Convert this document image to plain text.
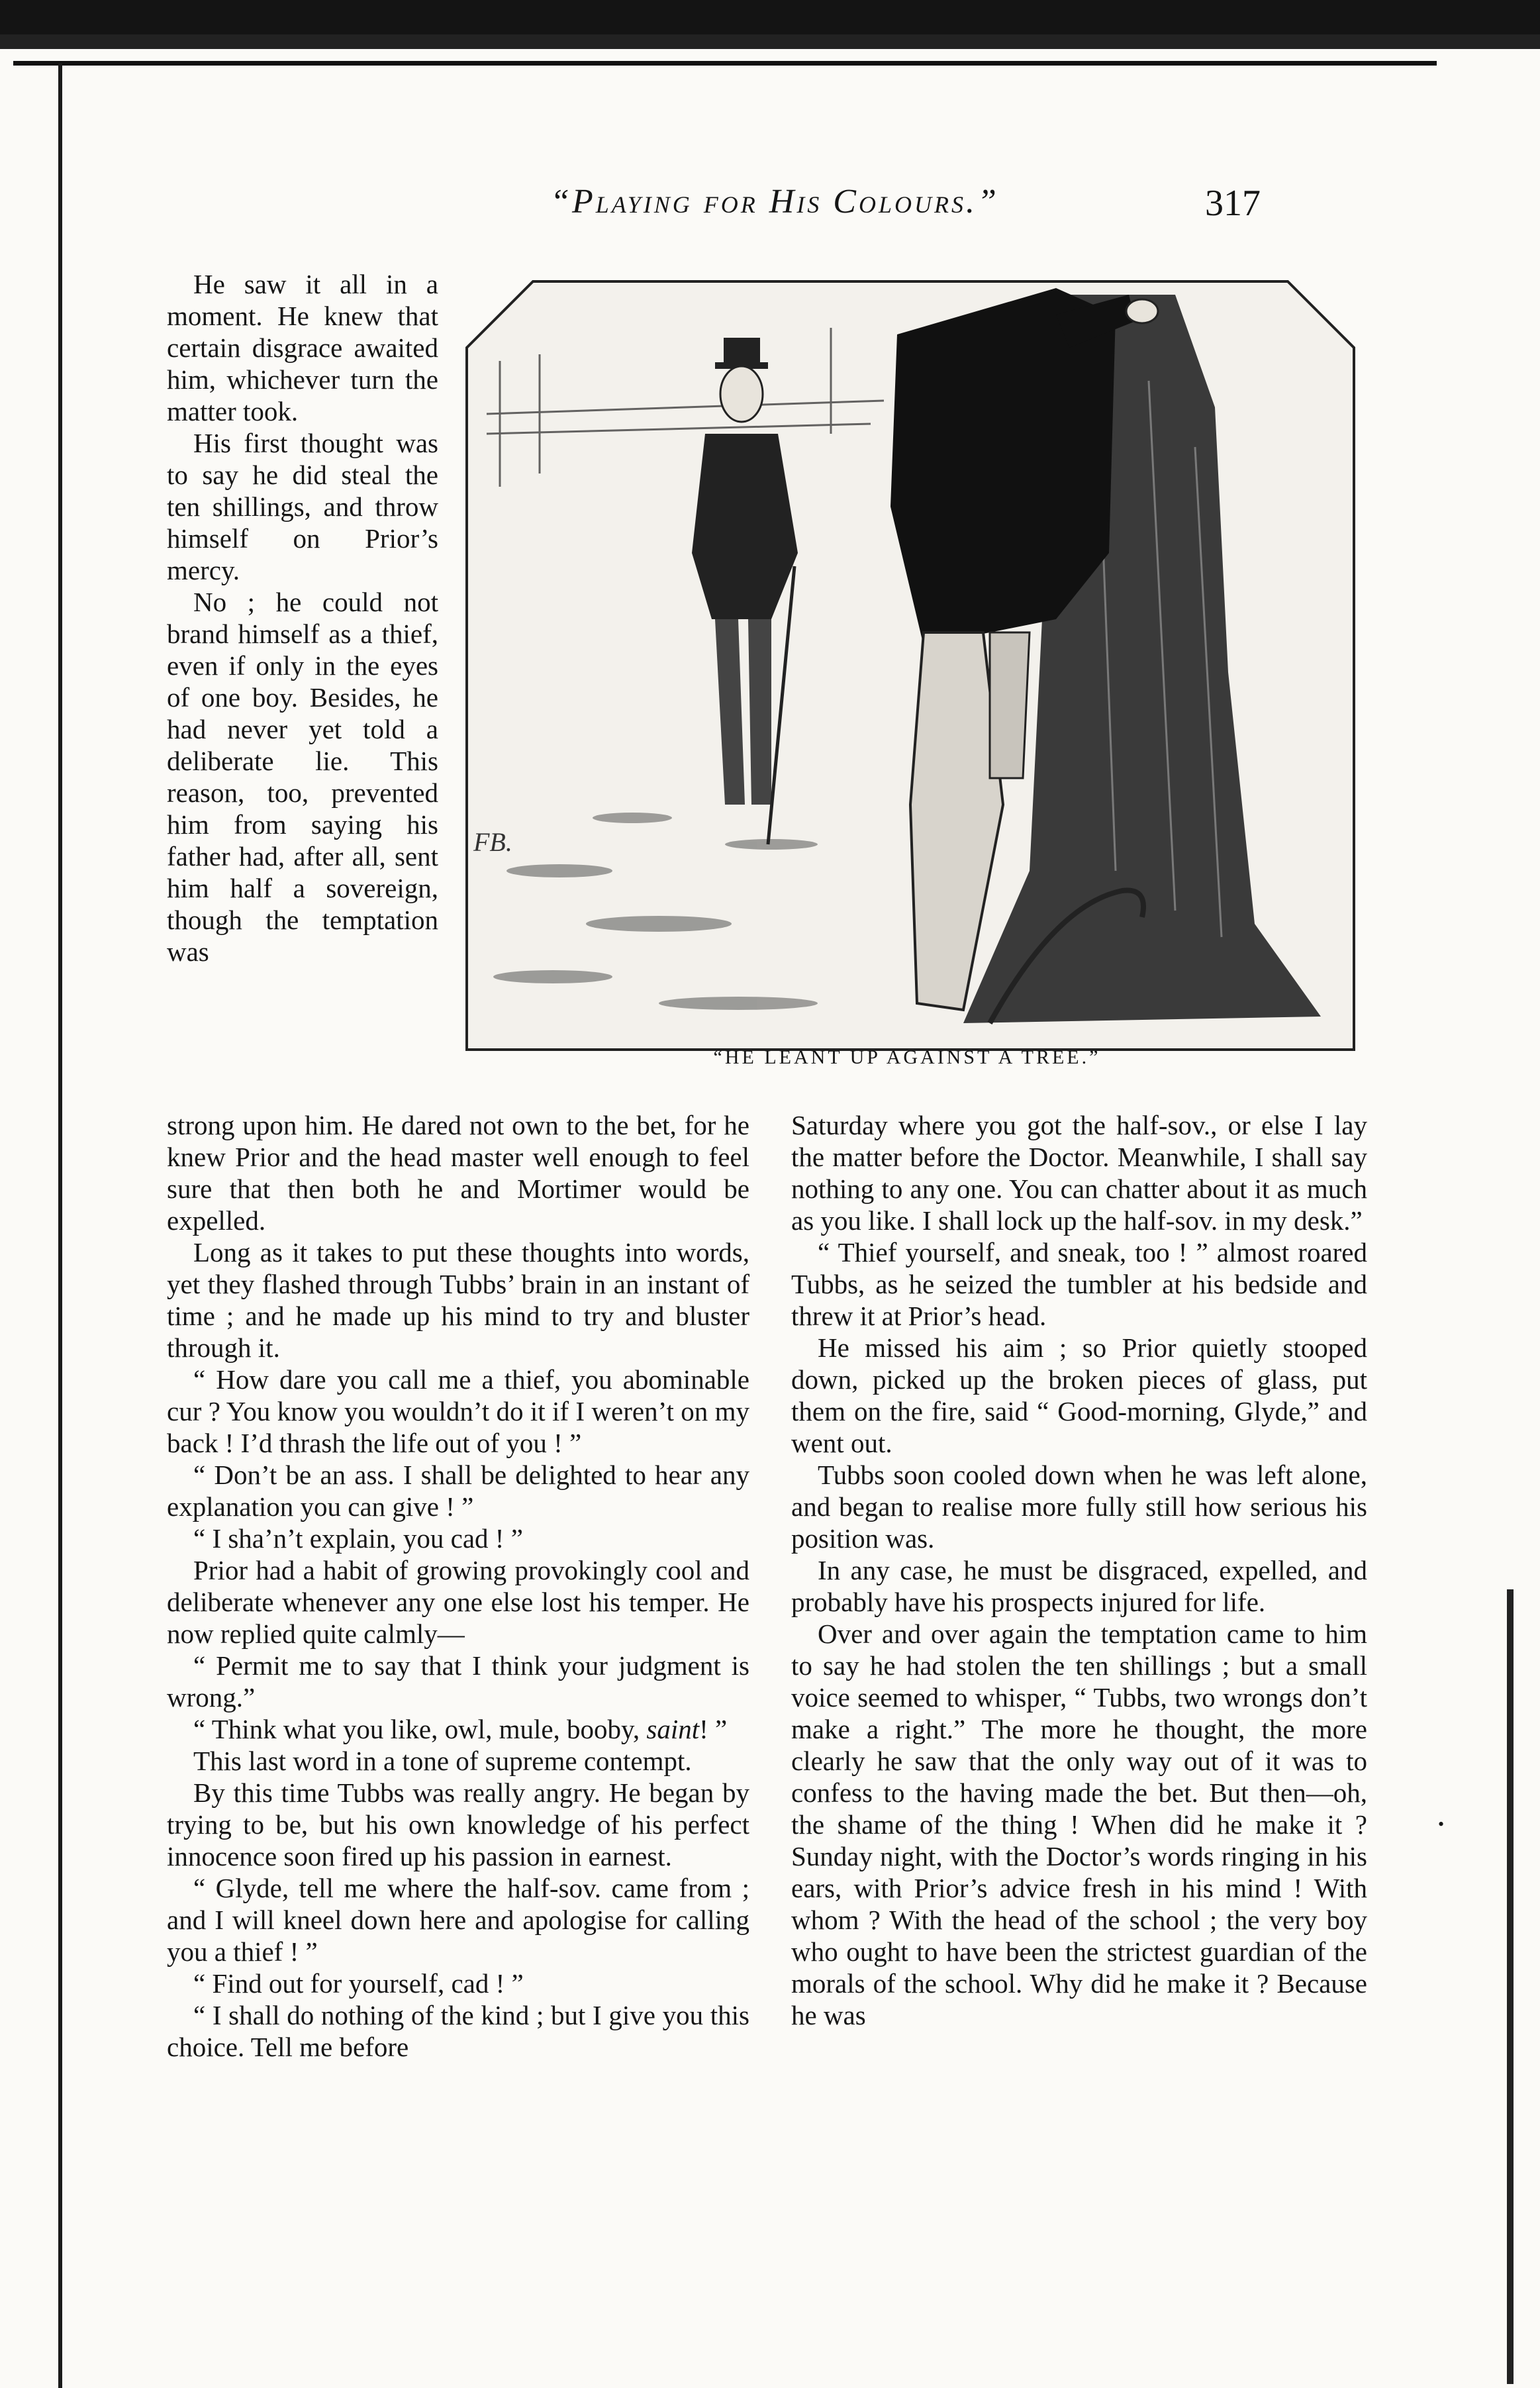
“Playing for His Colours.”	317

He saw it all in a moment. He knew that certain disgrace awaited him, whichever turn the matter took.

His first thought was to say he did steal the ten shillings, and throw himself on Prior’s mercy.

No ; he could not brand himself as a thief, even if only in the eyes of one boy. Besides, he had never yet told a deliberate lie. This reason, too, prevented him from saying his father had, after all, sent him half a sovereign, though the temptation was

FB.
“HE LEANT UP AGAINST A TREE.”

strong upon him. He dared not own to the bet, for he knew Prior and the head master well enough to feel sure that then both he and Mortimer would be expelled.

Long as it takes to put these thoughts into words, yet they flashed through Tubbs’ brain in an instant of time ; and he made up his mind to try and bluster through it.

“ How dare you call me a thief, you abominable cur ? You know you wouldn’t do it if I weren’t on my back ! I’d thrash the life out of you ! ”

“ Don’t be an ass. I shall be delighted to hear any explanation you can give ! ”

“ I sha’n’t explain, you cad ! ”

Prior had a habit of growing provokingly cool and deliberate whenever any one else lost his temper. He now replied quite calmly—

“ Permit me to say that I think your judgment is wrong.”

“ Think what you like, owl, mule, booby, saint! ”

This last word in a tone of supreme contempt.

By this time Tubbs was really angry. He began by trying to be, but his own knowledge of his perfect innocence soon fired up his passion in earnest.

“ Glyde, tell me where the half-sov. came from ; and I will kneel down here and apologise for calling you a thief ! ”

“ Find out for yourself, cad ! ”

“ I shall do nothing of the kind ; but I give you this choice. Tell me before

Saturday where you got the half-sov., or else I lay the matter before the Doctor. Meanwhile, I shall say nothing to any one. You can chatter about it as much as you like. I shall lock up the half-sov. in my desk.”

“ Thief yourself, and sneak, too ! ” almost roared Tubbs, as he seized the tumbler at his bedside and threw it at Prior’s head.

He missed his aim ; so Prior quietly stooped down, picked up the broken pieces of glass, put them on the fire, said “ Good-morning, Glyde,” and went out.

Tubbs soon cooled down when he was left alone, and began to realise more fully still how serious his position was.

In any case, he must be disgraced, expelled, and probably have his prospects injured for life.

Over and over again the temptation came to him to say he had stolen the ten shillings ; but a small voice seemed to whisper, “ Tubbs, two wrongs don’t make a right.” The more he thought, the more clearly he saw that the only way out of it was to confess to the having made the bet. But then—oh, the shame of the thing ! When did he make it ? Sunday night, with the Doctor’s words ringing in his ears, with Prior’s advice fresh in his mind ! With whom ? With the head of the school ; the very boy who ought to have been the strictest guardian of the morals of the school. Why did he make it ? Because he was

•
